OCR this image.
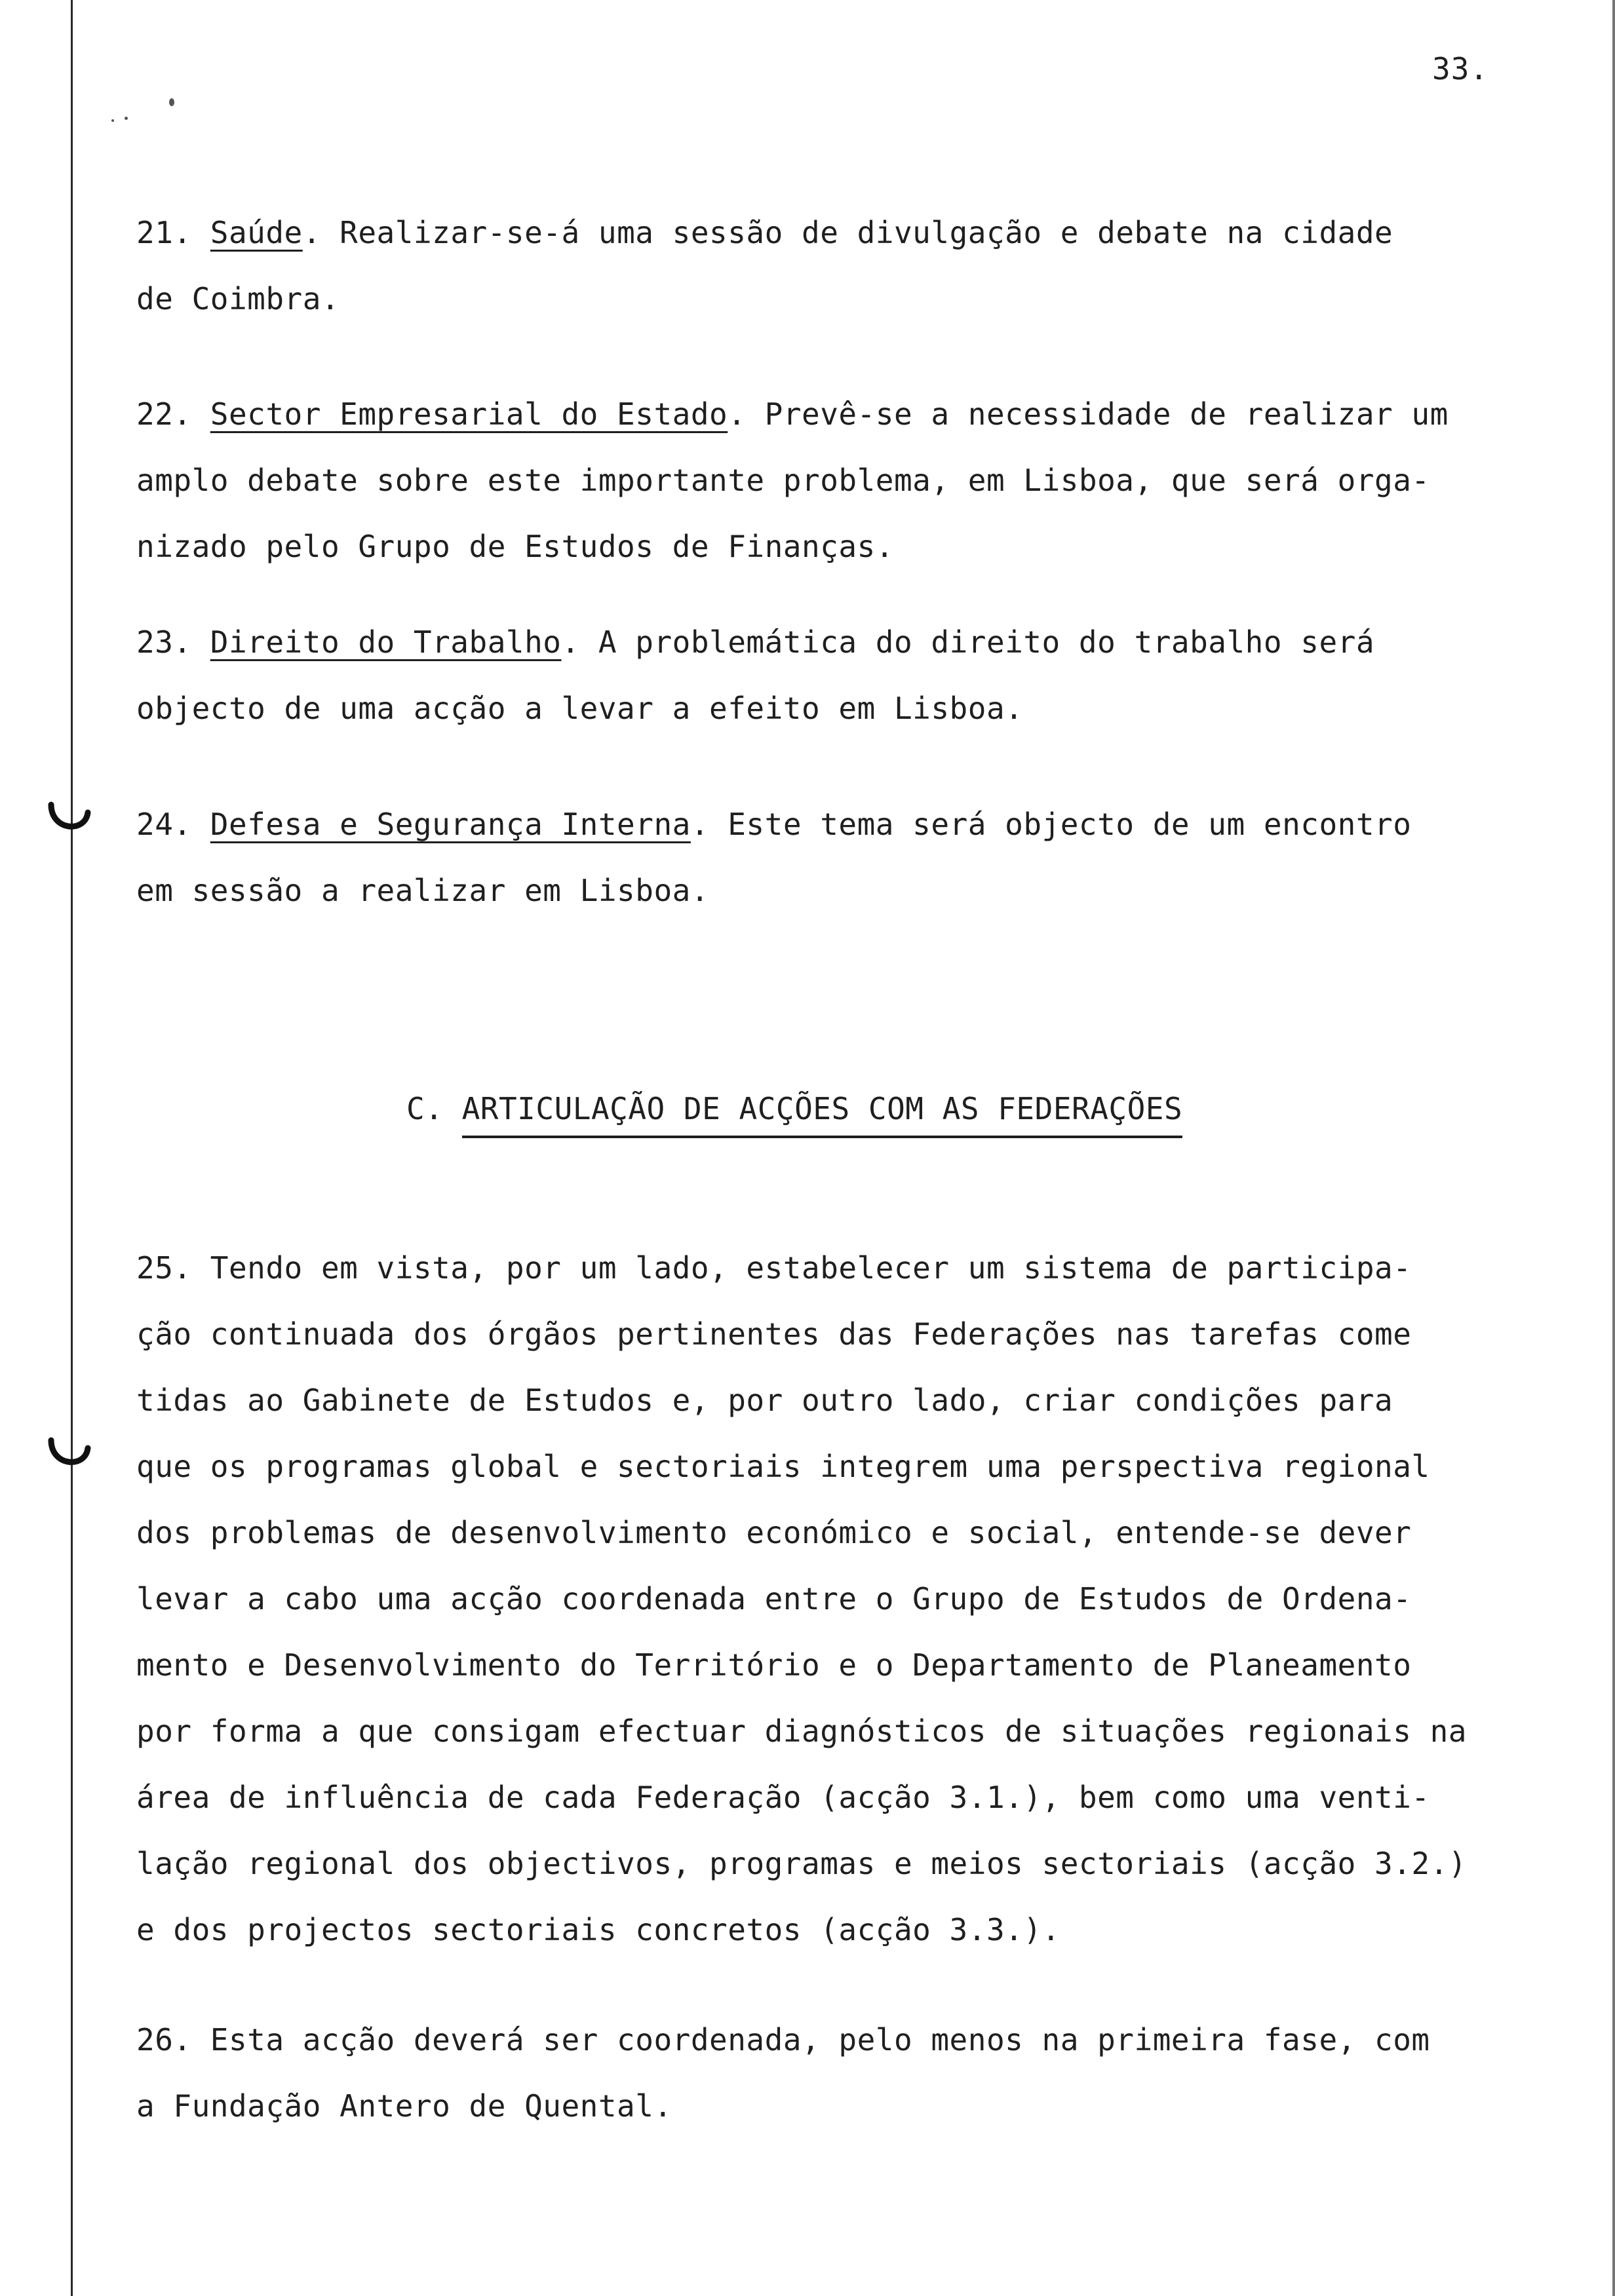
33.
21. Saúde. Realizar-se-á uma sessão de divulgação e debate na cidade
de Coimbra.
22. Sector Empresarial do Estado. Prevê-se a necessidade de realizar um
amplo debate sobre este importante problema, em Lisboa, que será orga-
nizado pelo Grupo de Estudos de Finanças.
23. Direito do Trabalho. A problemática do direito do trabalho será
objecto de uma acção a levar a efeito em Lisboa.
24. Defesa e Segurança Interna. Este tema será objecto de um encontro
em sessão a realizar em Lisboa.
C. ARTICULAÇÃO DE ACÇÕES COM AS FEDERAÇÕES
25. Tendo em vista, por um lado, estabelecer um sistema de participa-
ção continuada dos órgãos pertinentes das Federações nas tarefas come
tidas ao Gabinete de Estudos e, por outro lado, criar condições para
que os programas global e sectoriais integrem uma perspectiva regional
dos problemas de desenvolvimento económico e social, entende-se dever
levar a cabo uma acção coordenada entre o Grupo de Estudos de Ordena-
mento e Desenvolvimento do Território e o Departamento de Planeamento
por forma a que consigam efectuar diagnósticos de situações regionais na
área de influência de cada Federação (acção 3.1.), bem como uma venti-
lação regional dos objectivos, programas e meios sectoriais (acção 3.2.)
e dos projectos sectoriais concretos (acção 3.3.).
26. Esta acção deverá ser coordenada, pelo menos na primeira fase, com
a Fundação Antero de Quental.
